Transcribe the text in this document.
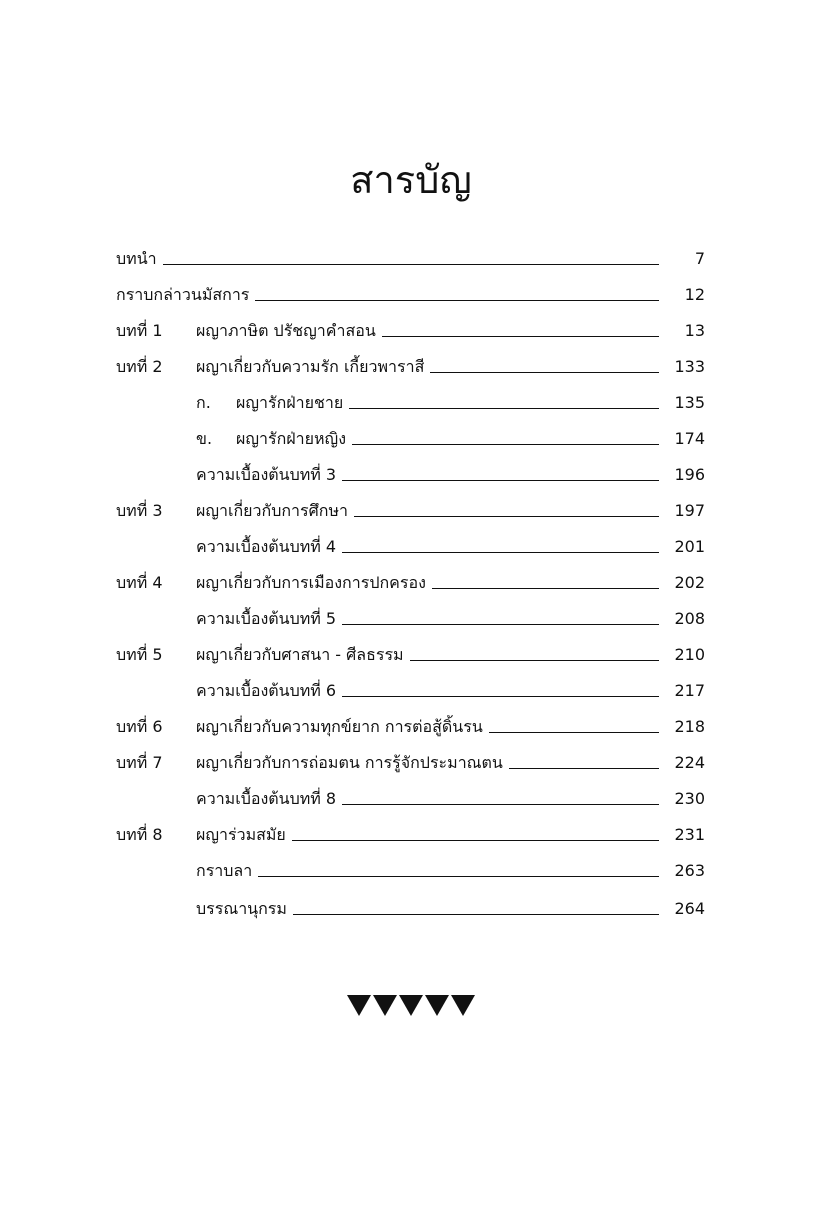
สารบัญ
บทนำ	7
กราบกล่าวนมัสการ	12
บทที่ 1	ผญาภาษิต ปรัชญาคำสอน	13
บทที่ 2	ผญาเกี่ยวกับความรัก เกี้ยวพาราสี	133
ก.	ผญารักฝ่ายชาย	135
ข.	ผญารักฝ่ายหญิง	174
ความเบื้องต้นบทที่ 3	196
บทที่ 3	ผญาเกี่ยวกับการศึกษา	197
ความเบื้องต้นบทที่ 4	201
บทที่ 4	ผญาเกี่ยวกับการเมืองการปกครอง	202
ความเบื้องต้นบทที่ 5	208
บทที่ 5	ผญาเกี่ยวกับศาสนา - ศีลธรรม	210
ความเบื้องต้นบทที่ 6	217
บทที่ 6	ผญาเกี่ยวกับความทุกข์ยาก การต่อสู้ดิ้นรน	218
บทที่ 7	ผญาเกี่ยวกับการถ่อมตน การรู้จักประมาณตน	224
ความเบื้องต้นบทที่ 8	230
บทที่ 8	ผญาร่วมสมัย	231
กราบลา	263
บรรณานุกรม	264
